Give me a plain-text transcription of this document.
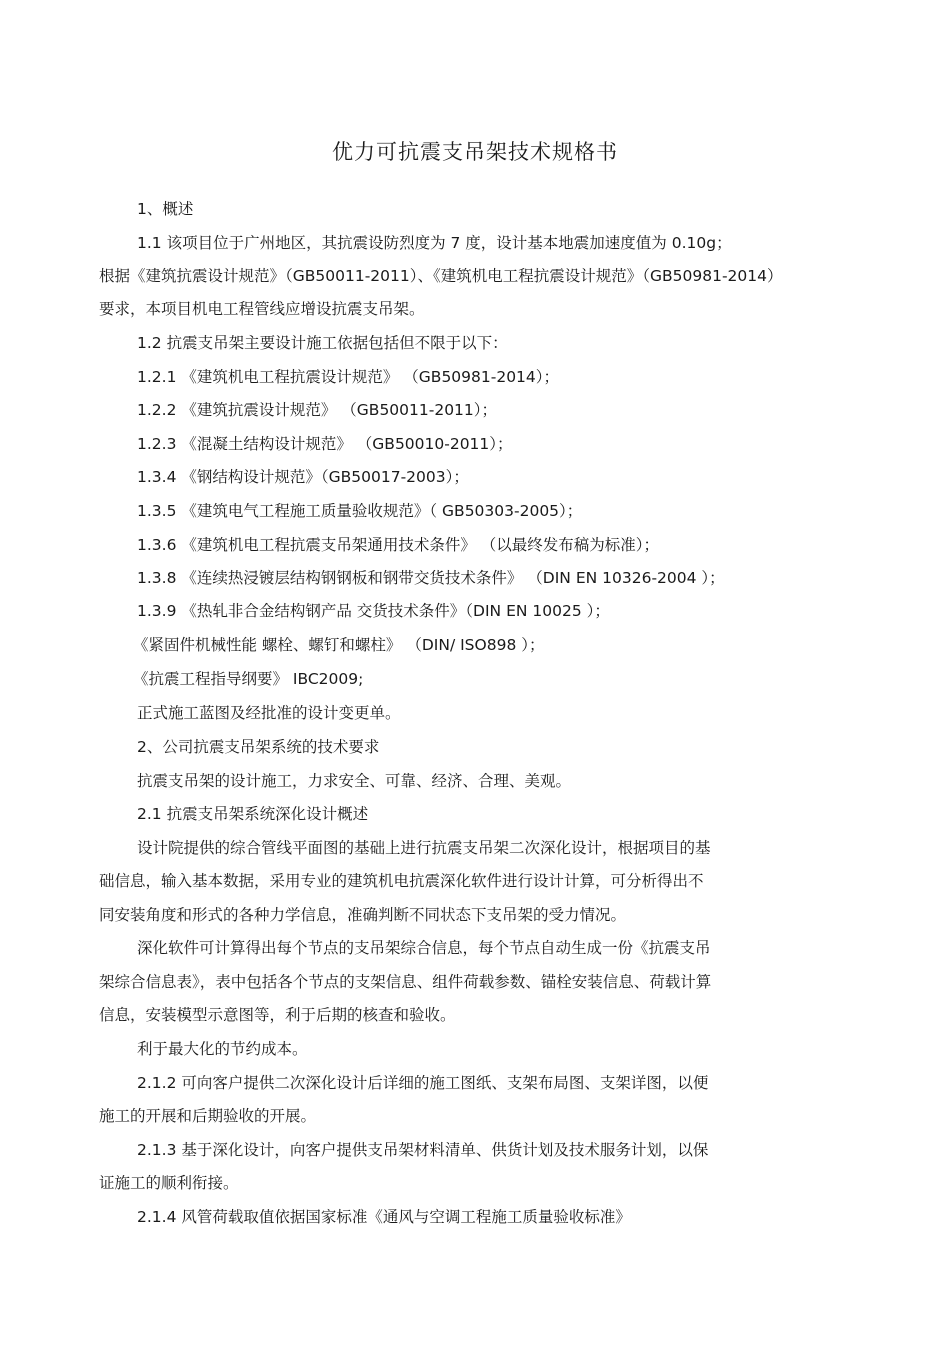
优力可抗震支吊架技术规格书
1、概述
1.1 该项目位于广州地区，其抗震设防烈度为 7 度，设计基本地震加速度值为 0.10g；
根据《建筑抗震设计规范》（GB50011-2011）、《建筑机电工程抗震设计规范》（GB50981-2014）
要求，本项目机电工程管线应增设抗震支吊架。
1.2 抗震支吊架主要设计施工依据包括但不限于以下：
1.2.1 《建筑机电工程抗震设计规范》 （GB50981-2014）；
1.2.2 《建筑抗震设计规范》 （GB50011-2011）；
1.2.3 《混凝土结构设计规范》 （GB50010-2011）；
1.3.4 《钢结构设计规范》（GB50017-2003）；
1.3.5 《建筑电气工程施工质量验收规范》（ GB50303-2005）；
1.3.6 《建筑机电工程抗震支吊架通用技术条件》 （以最终发布稿为标准）；
1.3.8 《连续热浸镀层结构钢钢板和钢带交货技术条件》 （DIN EN 10326-2004 ）；
1.3.9 《热轧非合金结构钢产品 交货技术条件》（DIN EN 10025 ）；
《紧固件机械性能 螺栓、螺钉和螺柱》 （DIN/ ISO898 ）；
《抗震工程指导纲要》 IBC2009;
正式施工蓝图及经批准的设计变更单。
2、公司抗震支吊架系统的技术要求
抗震支吊架的设计施工，力求安全、可靠、经济、合理、美观。
2.1 抗震支吊架系统深化设计概述
设计院提供的综合管线平面图的基础上进行抗震支吊架二次深化设计，根据项目的基
础信息，输入基本数据，采用专业的建筑机电抗震深化软件进行设计计算，可分析得出不
同安装角度和形式的各种力学信息，准确判断不同状态下支吊架的受力情况。
深化软件可计算得出每个节点的支吊架综合信息，每个节点自动生成一份《抗震支吊
架综合信息表》，表中包括各个节点的支架信息、组件荷载参数、锚栓安装信息、荷载计算
信息，安装模型示意图等，利于后期的核查和验收。
利于最大化的节约成本。
2.1.2 可向客户提供二次深化设计后详细的施工图纸、支架布局图、支架详图，以便
施工的开展和后期验收的开展。
2.1.3 基于深化设计，向客户提供支吊架材料清单、供货计划及技术服务计划，以保
证施工的顺利衔接。
2.1.4 风管荷载取值依据国家标准《通风与空调工程施工质量验收标准》
